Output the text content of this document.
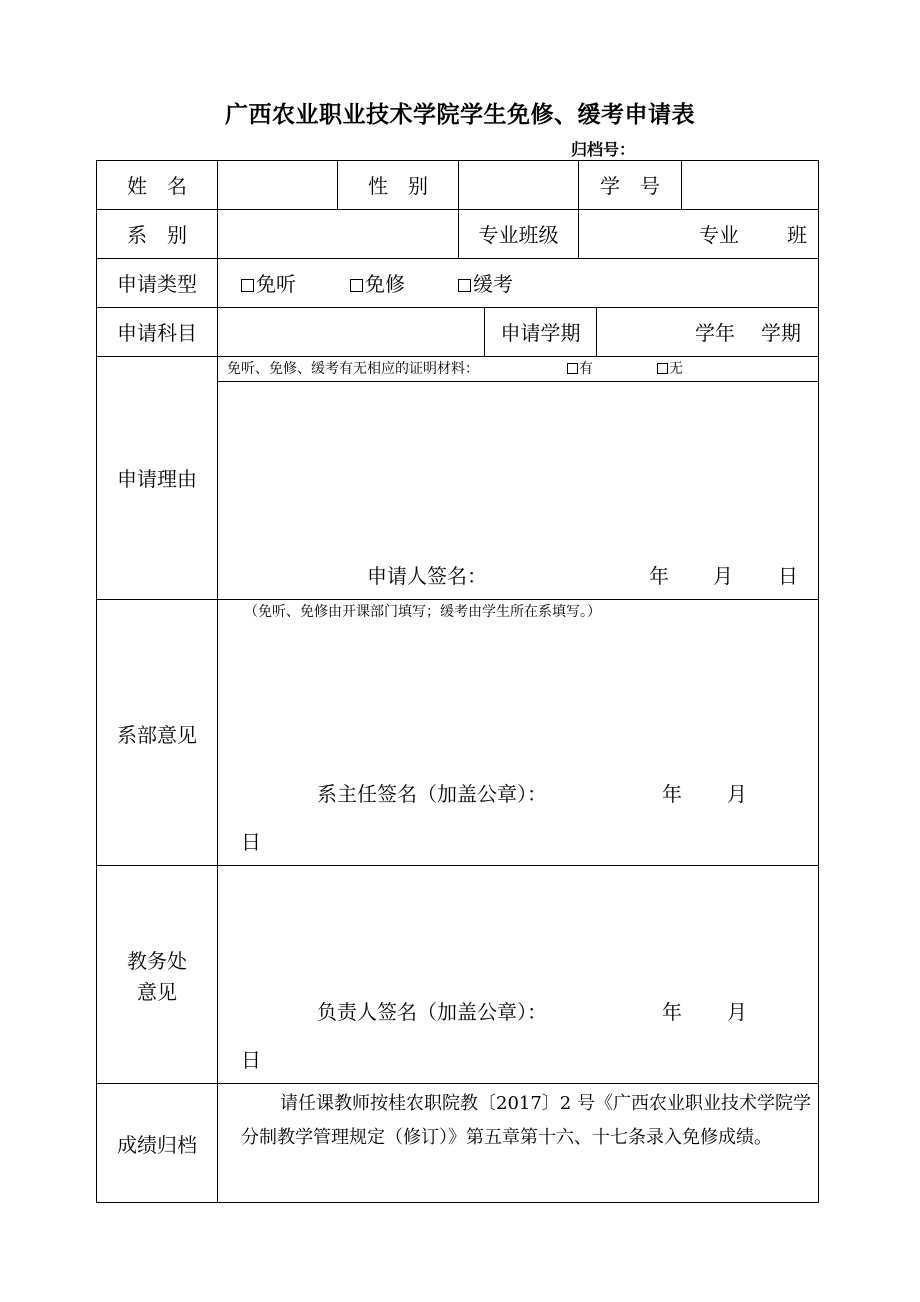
广西农业职业技术学院学生免修、缓考申请表
归档号：
姓　名	性　别	学　号
系　别	专业班级	专业 班
申请类型	免听	免修	缓考
申请科目	申请学期	学年 学期
申请理由
免听、免修、缓考有无相应的证明材料：	有	无
申请人签名：	年 月 日
系部意见
（免听、免修由开课部门填写；缓考由学生所在系填写。）
系主任签名（加盖公章）：	年 月
日
教务处
意见
负责人签名（加盖公章）：	年 月
日
成绩归档
请任课教师按桂农职院教〔2017〕2 号《广西农业职业技术学院学
分制教学管理规定（修订）》第五章第十六、十七条录入免修成绩。
